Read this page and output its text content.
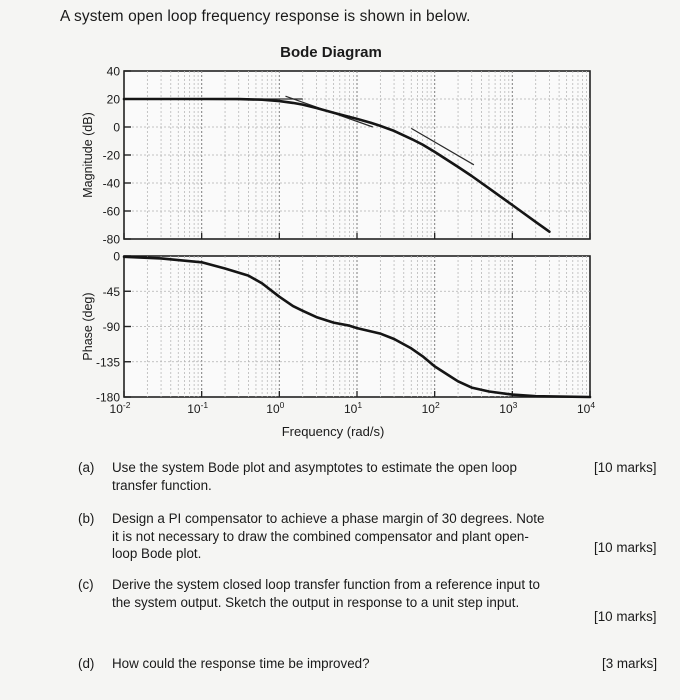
A system open loop frequency response is shown in below.
Bode Diagram
40
20
0
-20
-40
-60
-80
Magnitude (dB)
0
-45
-90
-135
-180
Phase (deg)
$10^{-2}$	$10^{-1}$	$10^0$	$10^1$	$10^2$	$10^3$	$10^4$
Frequency (rad/s)
(a) Use the system Bode plot and asymptotes to estimate the open loop
transfer function.
[10 marks]
(b) Design a PI compensator to achieve a phase margin of 30 degrees. Note
it is not necessary to draw the combined compensator and plant open-
loop Bode plot.	[10 marks]
(c) Derive the system closed loop transfer function from a reference input to
the system output. Sketch the output in response to a unit step input.
[10 marks]
(d) How could the response time be improved?	[3 marks]
